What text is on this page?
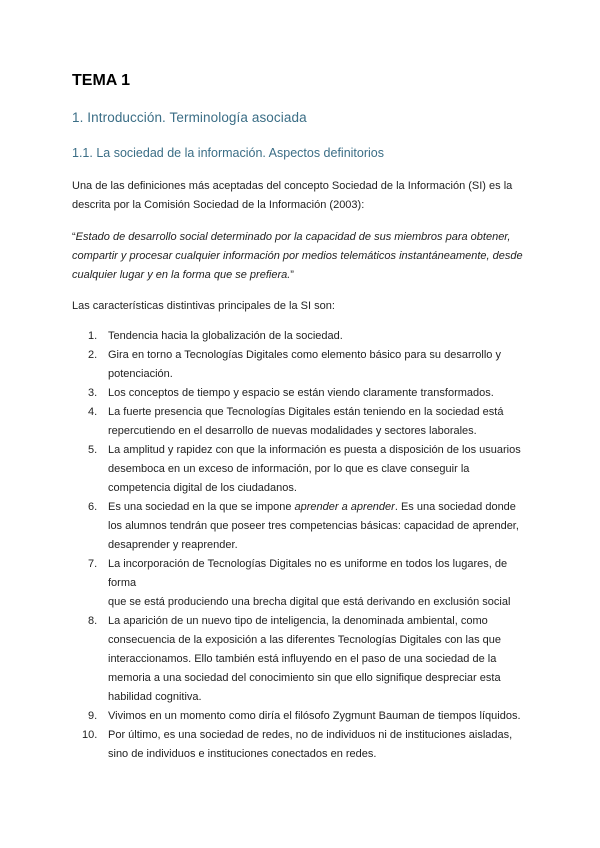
TEMA 1
1. Introducción. Terminología asociada
1.1. La sociedad de la información. Aspectos definitorios

Una de las definiciones más aceptadas del concepto Sociedad de la Información (SI) es la
descrita por la Comisión Sociedad de la Información (2003):

“Estado de desarrollo social determinado por la capacidad de sus miembros para obtener,
compartir y procesar cualquier información por medios telemáticos instantáneamente, desde
cualquier lugar y en la forma que se prefiera.”

Las características distintivas principales de la SI son:

1. Tendencia hacia la globalización de la sociedad.
2. Gira en torno a Tecnologías Digitales como elemento básico para su desarrollo y
potenciación.
3. Los conceptos de tiempo y espacio se están viendo claramente transformados.
4. La fuerte presencia que Tecnologías Digitales están teniendo en la sociedad está
repercutiendo en el desarrollo de nuevas modalidades y sectores laborales.
5. La amplitud y rapidez con que la información es puesta a disposición de los usuarios
desemboca en un exceso de información, por lo que es clave conseguir la
competencia digital de los ciudadanos.
6. Es una sociedad en la que se impone aprender a aprender. Es una sociedad donde
los alumnos tendrán que poseer tres competencias básicas: capacidad de aprender,
desaprender y reaprender.
7. La incorporación de Tecnologías Digitales no es uniforme en todos los lugares, de
forma
que se está produciendo una brecha digital que está derivando en exclusión social
8. La aparición de un nuevo tipo de inteligencia, la denominada ambiental, como
consecuencia de la exposición a las diferentes Tecnologías Digitales con las que
interaccionamos. Ello también está influyendo en el paso de una sociedad de la
memoria a una sociedad del conocimiento sin que ello signifique despreciar esta
habilidad cognitiva.
9. Vivimos en un momento como diría el filósofo Zygmunt Bauman de tiempos líquidos.
10. Por último, es una sociedad de redes, no de individuos ni de instituciones aisladas,
sino de individuos e instituciones conectados en redes.
